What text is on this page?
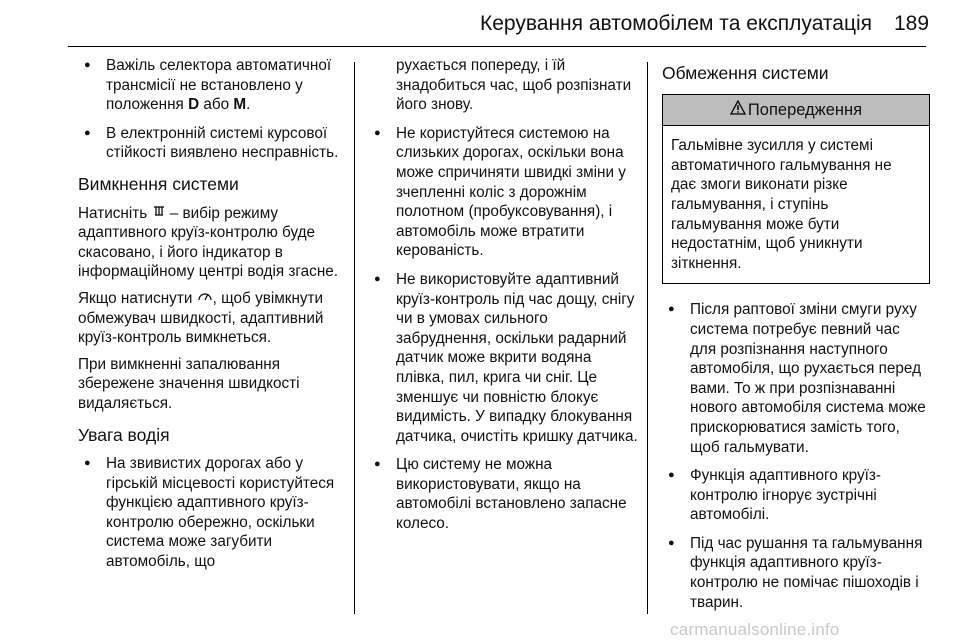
Керування автомобілем та експлуатація 189
● Важіль селектора автоматичної трансмісії не встановлено у положення D або M.
● В електронній системі курсової стійкості виявлено несправність.
Вимкнення системи
Натисніть  – вибір режиму адаптивного круїз-контролю буде скасовано, і його індикатор в інформаційному центрі водія згасне.
Якщо натиснути , щоб увімкнути обмежувач швидкості, адаптивний круїз-контроль вимкнеться.
При вимкненні запалювання збережене значення швидкості видаляється.
Увага водія
● На звивистих дорогах або у гірській місцевості користуйтеся функцією адаптивного круїз-контролю обережно, оскільки система може загубити автомобіль, що
рухається попереду, і їй знадобиться час, щоб розпізнати його знову.
● Не користуйтеся системою на слизьких дорогах, оскільки вона може спричиняти швидкі зміни у зчепленні коліс з дорожнім полотном (пробуксовування), і автомобіль може втратити керованість.
● Не використовуйте адаптивний круїз-контроль під час дощу, снігу чи в умовах сильного забруднення, оскільки радарний датчик може вкрити водяна плівка, пил, крига чи сніг. Це зменшує чи повністю блокує видимість. У випадку блокування датчика, очистіть кришку датчика.
● Цю систему не можна використовувати, якщо на автомобілі встановлено запасне колесо.
Обмеження системи
Попередження
Гальмівне зусилля у системі автоматичного гальмування не дає змоги виконати різке гальмування, і ступінь гальмування може бути недостатнім, щоб уникнути зіткнення.
● Після раптової зміни смуги руху система потребує певний час для розпізнання наступного автомобіля, що рухається перед вами. То ж при розпізнаванні нового автомобіля система може прискорюватися замість того, щоб гальмувати.
● Функція адаптивного круїз-контролю ігнорує зустрічні автомобілі.
● Під час рушання та гальмування функція адаптивного круїз-контролю не помічає пішоходів і тварин.
carmanualsonline.info
